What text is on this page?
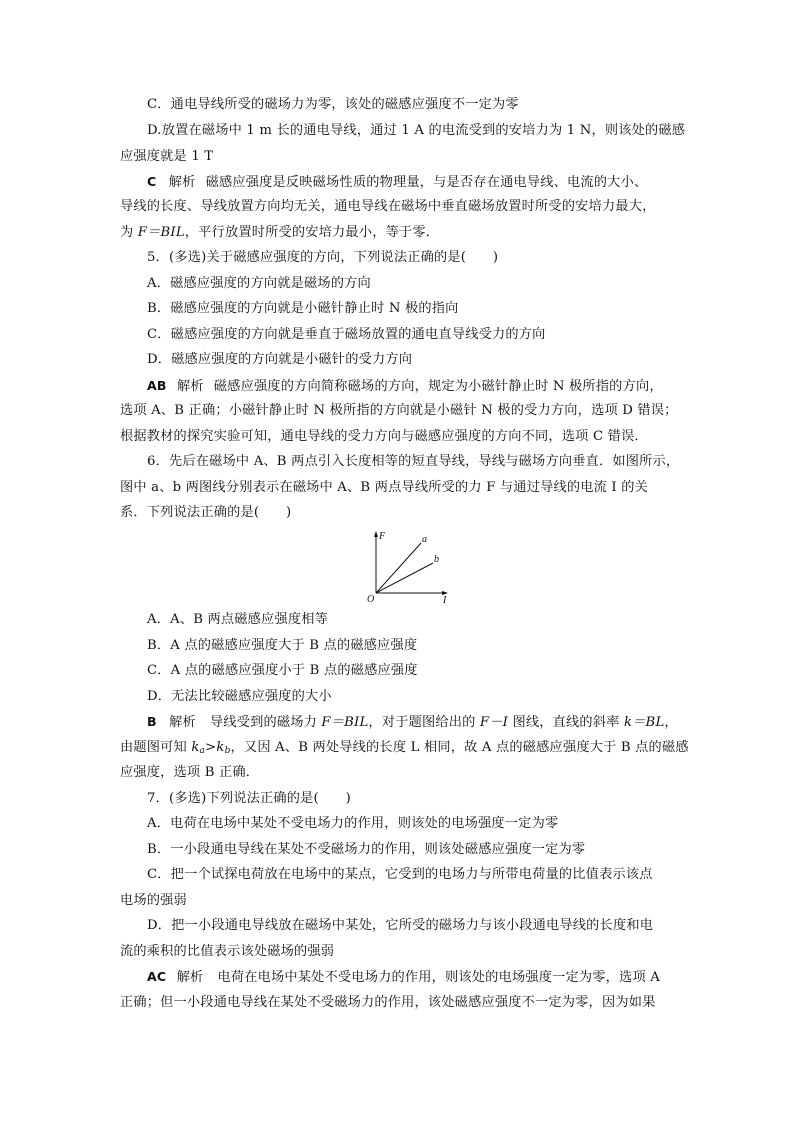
C．通电导线所受的磁场力为零，该处的磁感应强度不一定为零
D.放置在磁场中 1 m 长的通电导线，通过 1 A 的电流受到的安培力为 1 N，则该处的磁感
应强度就是 1 T
C 解析 磁感应强度是反映磁场性质的物理量，与是否存在通电导线、电流的大小、
导线的长度、导线放置方向均无关，通电导线在磁场中垂直磁场放置时所受的安培力最大，
为 F＝BIL，平行放置时所受的安培力最小，等于零．
5．(多选)关于磁感应强度的方向，下列说法正确的是(　　)
A．磁感应强度的方向就是磁场的方向
B．磁感应强度的方向就是小磁针静止时 N 极的指向
C．磁感应强度的方向就是垂直于磁场放置的通电直导线受力的方向
D．磁感应强度的方向就是小磁针的受力方向
AB 解析 磁感应强度的方向简称磁场的方向，规定为小磁针静止时 N 极所指的方向，
选项 A、B 正确；小磁针静止时 N 极所指的方向就是小磁针 N 极的受力方向，选项 D 错误；
根据教材的探究实验可知，通电导线的受力方向与磁感应强度的方向不同，选项 C 错误．
6．先后在磁场中 A、B 两点引入长度相等的短直导线，导线与磁场方向垂直．如图所示，
图中 a、b 两图线分别表示在磁场中 A、B 两点导线所受的力 F 与通过导线的电流 I 的关
系．下列说法正确的是(　　)
F
I
O
a
b
A．A、B 两点磁感应强度相等
B．A 点的磁感应强度大于 B 点的磁感应强度
C．A 点的磁感应强度小于 B 点的磁感应强度
D．无法比较磁感应强度的大小
B 解析 导线受到的磁场力 F＝BIL，对于题图给出的 F－I 图线，直线的斜率 k＝BL，
由题图可知 $k_a>k_b$，又因 A、B 两处导线的长度 L 相同，故 A 点的磁感应强度大于 B 点的磁感
应强度，选项 B 正确．
7．(多选)下列说法正确的是(　　)
A．电荷在电场中某处不受电场力的作用，则该处的电场强度一定为零
B．一小段通电导线在某处不受磁场力的作用，则该处磁感应强度一定为零
C．把一个试探电荷放在电场中的某点，它受到的电场力与所带电荷量的比值表示该点
电场的强弱
D．把一小段通电导线放在磁场中某处，它所受的磁场力与该小段通电导线的长度和电
流的乘积的比值表示该处磁场的强弱
AC 解析 电荷在电场中某处不受电场力的作用，则该处的电场强度一定为零，选项 A
正确；但一小段通电导线在某处不受磁场力的作用，该处磁感应强度不一定为零，因为如果
